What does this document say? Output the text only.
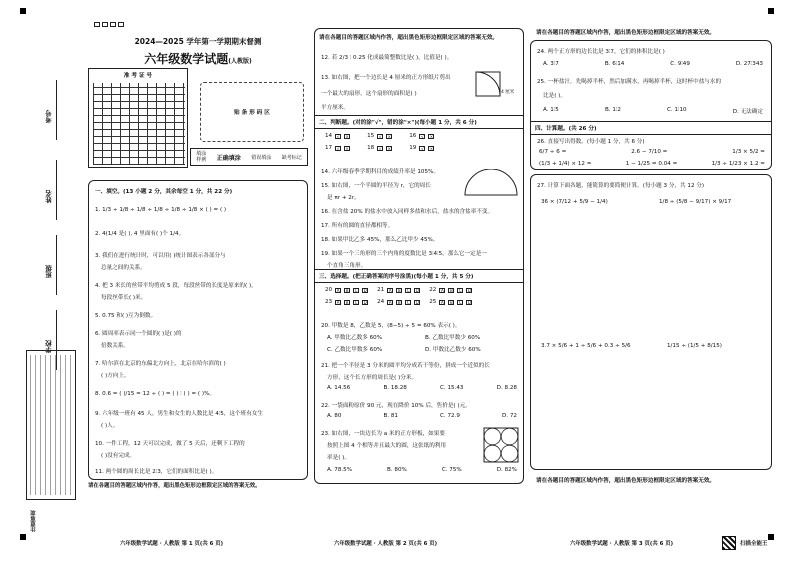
考号
姓名
班级
学校
注意事项
2024—2025 学年第一学期期末督测
六年级数学试题(人教版)
准 考 证 号
贴 条 形 码 区
填涂
样例 正确填涂 错误填涂 缺考标记
一、填空。(13 小题 2 分，其余每空 1 分，共 22 分)
1. 1/3 ÷ 1/8 ÷ 1/8 ÷ 1/8 ÷ 1/8 ÷ 1/8 × ( ) = ( )
2. 4(1/4 是( ), 4 里面有( )个 1/4。
3. 我们在进行统计时，可以用( )统计图表示各部分与
总量之间的关系。
4. 把 3 米长的丝带平均剪成 5 段，每段丝带的长度是原来的( )，
每段丝带长( )米。
5. 0.75 和( )互为倒数。
6. 圆周率表示同一个圆的( )是( )的
倍数关系。
7. 哈尔滨在北京的东偏北方向上，北京在哈尔滨的( )
( )方向上。
8. 0.6 = ( )/15 = 12 ÷ ( ) = ( ) ∶ ( ) = ( )%。
9. 六年级一班有 45 人，男生和女生的人数比是 4∶5，这个班有女生
( )人。
10. 一件工程，12 天可以完成，做了 5 天后，还剩下工程的
( )没有完成。
11. 两个圆的周长比是 2∶3，它们的面积比是( )。
请在各题目的答题区域内作答，超出黑色矩形边框限定区域的答案无效。
六年级数学试题 · 人教版 第 1 页(共 6 页)
请在各题目的答题区域内作答，超出黑色矩形边框限定区域的答案无效。
12. 若 2/3 ∶ 0.25 化成最简整数比是( )，比值是( )。
13. 如右图，把一个边长是 4 厘米的正方形纸片剪出
一个最大的扇形，这个扇形的面积是( )
平方厘米。
4 厘米
二、判断题。(对的涂"√"，错的涂"×")(每小题 1 分，共 6 分)
14	√	×	15	√	×	16	√	×
17	√	×	18	√	×	19	√	×
14. 六年级春季学期科目的成绩升率是 105%。
15. 如右图，一个半圆的半径为 r，它的周长
是 πr + 2r。
16. 在含盐 20% 的盐水中放入同样多盐和水后，盐水的含盐率不变。
17. 所有的圆的直径都相等。
18. 如果甲比乙多 45%，那么乙比甲少 45%。
19. 如果一个三角形的三个内角的度数比是 3∶4∶5，那么它一定是一
个直角三角形。
三、选择题。(把正确答案的序号涂黑)(每小题 1 分，共 5 分)
20	A	B	C	D 21	A	B	C	D 22	A	B	C	D
23	A	B	C	D 24	A	B	C	D 25	A	B	C	D
20. 甲数是 8，乙数是 5，(8−5) ÷ 5 = 60% 表示( )。
A. 甲数比乙数多 60%	B. 乙数比甲数少 60%
C. 乙数比甲数多 60%	D. 甲数比乙数少 60%
21. 把一个半径是 3 分米的圆平均分成若干等份，拼成一个近似的长
方形，这个长方形的周长是( )分米。
A. 14.56	B. 18.28	C. 15.43	D. 8.28
22. 一袋面粉原价 90 元，现在降价 10% 后，售价是( )元。
A. 80	B. 81	C. 72.9	D. 72
23. 如右图，一块边长为 a 米的正方形板，如果要
按照上图 4 个相等并且最大的圆，这张纸的利用
率是( )。
A. 78.5%	B. 80%	C. 75%	D. 82%
六年级数学试题 · 人教版 第 2 页(共 6 页)
请在各题目的答题区域内作答，超出黑色矩形边框限定区域的答案无效。
24. 两个正方形的边长比是 3∶7，它们的体积比是( )
A. 3∶7	B. 6∶14	C. 9∶49	D. 27∶343
25. 一杯盐汁，先喝掉半杯，然后加满水，再喝掉半杯，这时杯中盐与水的
比是( )。
A. 1∶5	B. 1∶2	C. 1∶10	D. 无法确定
四、计算题。(共 26 分)
26. 直接写出得数。(每小题 1 分，共 6 分)
6/7 ÷ 6 =	2.6 − 7/10 =	1/3 × 5/2 =
(1/3 + 1/4) × 12 =	1 − 1/25 = 0.04 =	1/3 ÷ 1/23 × 1.2 =
27. 计算下面各题，能简算的要简便计算。(每小题 3 分，共 12 分)
36 × (7/12 + 5/9 − 1/4)	1/8 ÷ (5/8 − 9/17) × 9/17
3.7 × 5/6 + 1 ÷ 5/6 + 0.3 ÷ 5/6	1/15 ÷ (1/5 + 8/15)
请在各题目的答题区域内作答，超出黑色矩形边框限定区域的答案无效。
六年级数学试题 · 人教版 第 3 页(共 6 页)	扫描全能王
